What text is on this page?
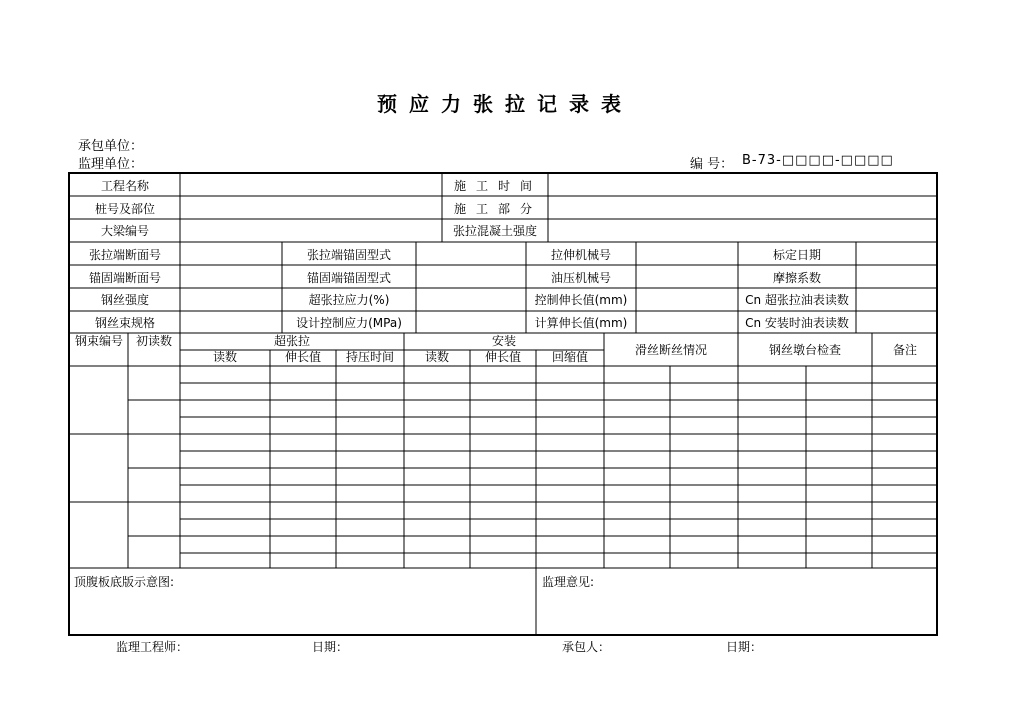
预应力张拉记录表
承包单位：
监理单位：	编 号： B-73-□□□□-□□□□
工程名称	施工时间
桩号及部位	施工部分
大梁编号	张拉混凝土强度
张拉端断面号	张拉端锚固型式	拉伸机械号	标定日期
锚固端断面号	锚固端锚固型式	油压机械号	摩擦系数
钢丝强度	超张拉应力(%)	控制伸长值(mm)	Cn 超张拉油表读数
钢丝束规格	设计控制应力(MPa)	计算伸长值(mm)	Cn 安装时油表读数
钢束编号	初读数	超张拉	安装
读数	伸长值	持压时间	读数	伸长值	回缩值	滑丝断丝情况	钢丝墩台检查	备注
顶腹板底版示意图:	监理意见:
监理工程师：	日期：	承包人：	日期：
